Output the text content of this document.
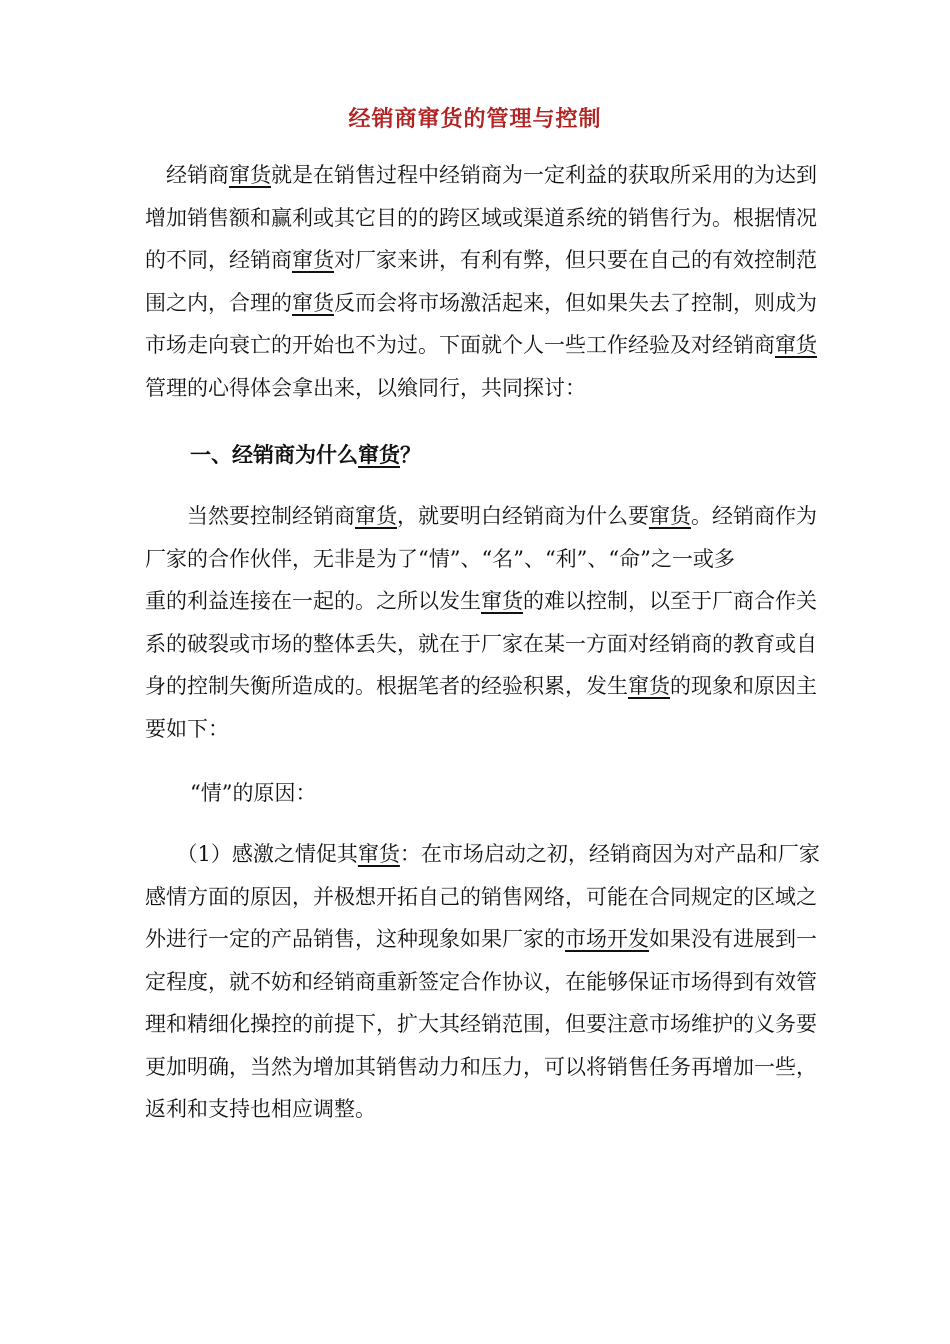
经销商窜货的管理与控制
　经销商窜货就是在销售过程中经销商为一定利益的获取所采用的为达到
增加销售额和赢利或其它目的的跨区域或渠道系统的销售行为。根据情况
的不同，经销商窜货对厂家来讲，有利有弊，但只要在自己的有效控制范
围之内，合理的窜货反而会将市场激活起来，但如果失去了控制，则成为
市场走向衰亡的开始也不为过。下面就个人一些工作经验及对经销商窜货
管理的心得体会拿出来，以飨同行，共同探讨：
一、经销商为什么窜货？
　　当然要控制经销商窜货，就要明白经销商为什么要窜货。经销商作为
厂家的合作伙伴，无非是为了“情”、“名”、“利”、“命”之一或多
重的利益连接在一起的。之所以发生窜货的难以控制，以至于厂商合作关
系的破裂或市场的整体丢失，就在于厂家在某一方面对经销商的教育或自
身的控制失衡所造成的。根据笔者的经验积累，发生窜货的现象和原因主
要如下：
“情”的原因：
　　（1）感激之情促其窜货：在市场启动之初，经销商因为对产品和厂家
感情方面的原因，并极想开拓自己的销售网络，可能在合同规定的区域之
外进行一定的产品销售，这种现象如果厂家的市场开发如果没有进展到一
定程度，就不妨和经销商重新签定合作协议，在能够保证市场得到有效管
理和精细化操控的前提下，扩大其经销范围，但要注意市场维护的义务要
更加明确，当然为增加其销售动力和压力，可以将销售任务再增加一些，
返利和支持也相应调整。
